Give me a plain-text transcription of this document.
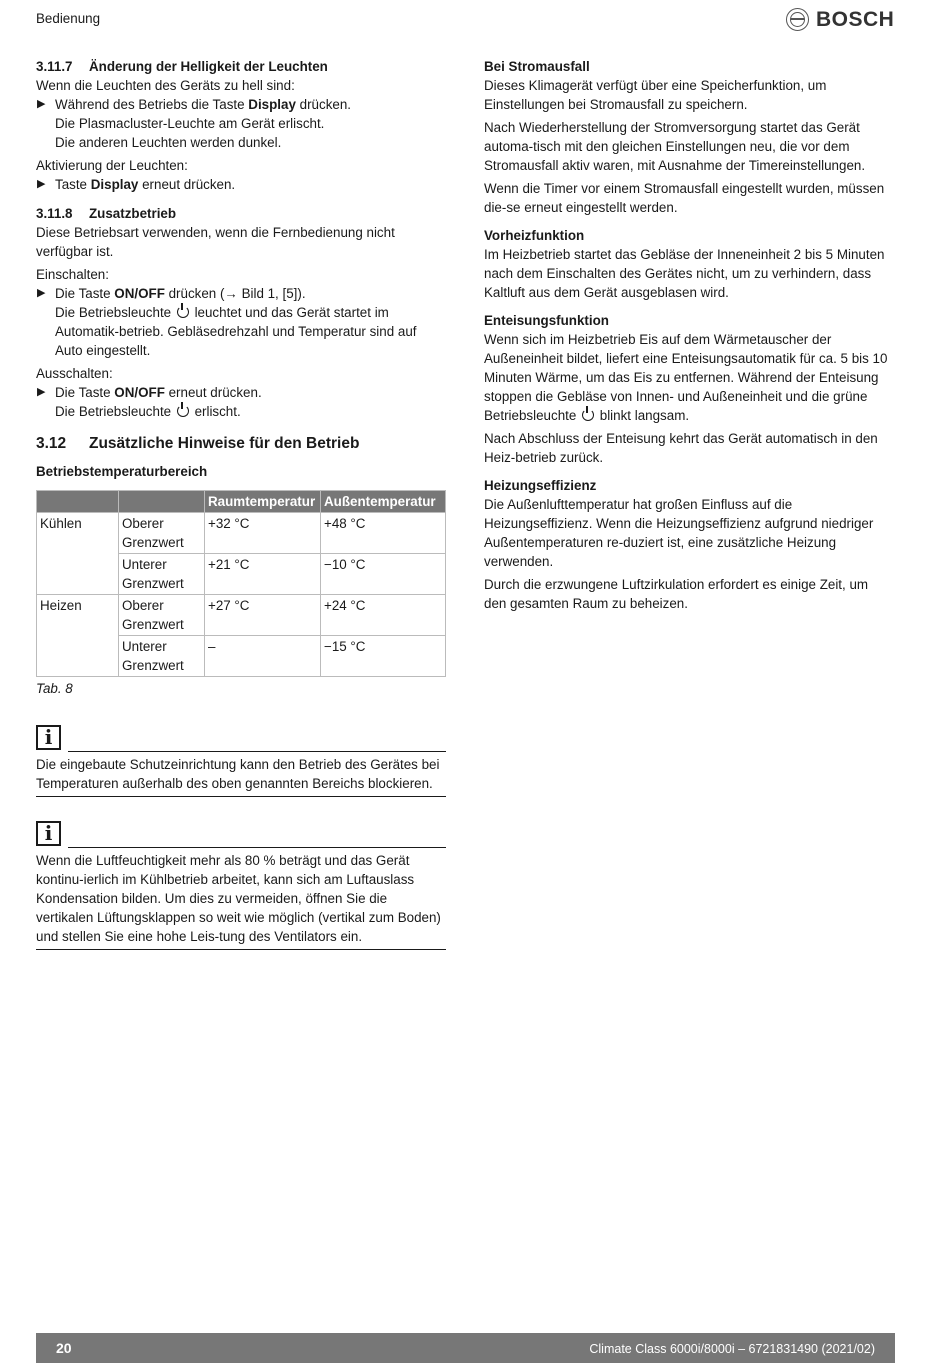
Bedienung	BOSCH

3.11.7 Änderung der Helligkeit der Leuchten

Wenn die Leuchten des Geräts zu hell sind:

▶ Während des Betriebs die Taste Display drücken.

Die Plasmacluster-Leuchte am Gerät erlischt.

Die anderen Leuchten werden dunkel.

Aktivierung der Leuchten:

▶ Taste Display erneut drücken.

3.11.8 Zusatzbetrieb

Diese Betriebsart verwenden, wenn die Fernbedienung nicht verfügbar ist.

Einschalten:

▶ Die Taste ON/OFF drücken (→ Bild 1, [5]).

Die Betriebsleuchte  leuchtet und das Gerät startet im Automatik-betrieb. Gebläsedrehzahl und Temperatur sind auf Auto eingestellt.

Ausschalten:

▶ Die Taste ON/OFF erneut drücken.

Die Betriebsleuchte  erlischt.

3.12 Zusätzliche Hinweise für den Betrieb

Betriebstemperaturbereich

		Raumtemperatur	Außentemperatur
Kühlen	Oberer Grenzwert	+32 °C	+48 °C
	Unterer Grenzwert	+21 °C	−10 °C
Heizen	Oberer Grenzwert	+27 °C	+24 °C
	Unterer Grenzwert	–	−15 °C

Tab. 8

i

Die eingebaute Schutzeinrichtung kann den Betrieb des Gerätes bei Temperaturen außerhalb des oben genannten Bereichs blockieren.

i

Wenn die Luftfeuchtigkeit mehr als 80 % beträgt und das Gerät kontinu-ierlich im Kühlbetrieb arbeitet, kann sich am Luftauslass Kondensation bilden. Um dies zu vermeiden, öffnen Sie die vertikalen Lüftungsklappen so weit wie möglich (vertikal zum Boden) und stellen Sie eine hohe Leis-tung des Ventilators ein.

Bei Stromausfall

Dieses Klimagerät verfügt über eine Speicherfunktion, um Einstellungen bei Stromausfall zu speichern.

Nach Wiederherstellung der Stromversorgung startet das Gerät automa-tisch mit den gleichen Einstellungen neu, die vor dem Stromausfall aktiv waren, mit Ausnahme der Timereinstellungen.

Wenn die Timer vor einem Stromausfall eingestellt wurden, müssen die-se erneut eingestellt werden.

Vorheizfunktion

Im Heizbetrieb startet das Gebläse der Inneneinheit 2 bis 5 Minuten nach dem Einschalten des Gerätes nicht, um zu verhindern, dass Kaltluft aus dem Gerät ausgeblasen wird.

Enteisungsfunktion

Wenn sich im Heizbetrieb Eis auf dem Wärmetauscher der Außeneinheit bildet, liefert eine Enteisungsautomatik für ca. 5 bis 10 Minuten Wärme, um das Eis zu entfernen. Während der Enteisung stoppen die Gebläse von Innen- und Außeneinheit und die grüne Betriebsleuchte  blinkt langsam.

Nach Abschluss der Enteisung kehrt das Gerät automatisch in den Heiz-betrieb zurück.

Heizungseffizienz

Die Außenlufttemperatur hat großen Einfluss auf die Heizungseffizienz. Wenn die Heizungseffizienz aufgrund niedriger Außentemperaturen re-duziert ist, eine zusätzliche Heizung verwenden.

Durch die erzwungene Luftzirkulation erfordert es einige Zeit, um den gesamten Raum zu beheizen.

20	Climate Class 6000i/8000i – 6721831490 (2021/02)
